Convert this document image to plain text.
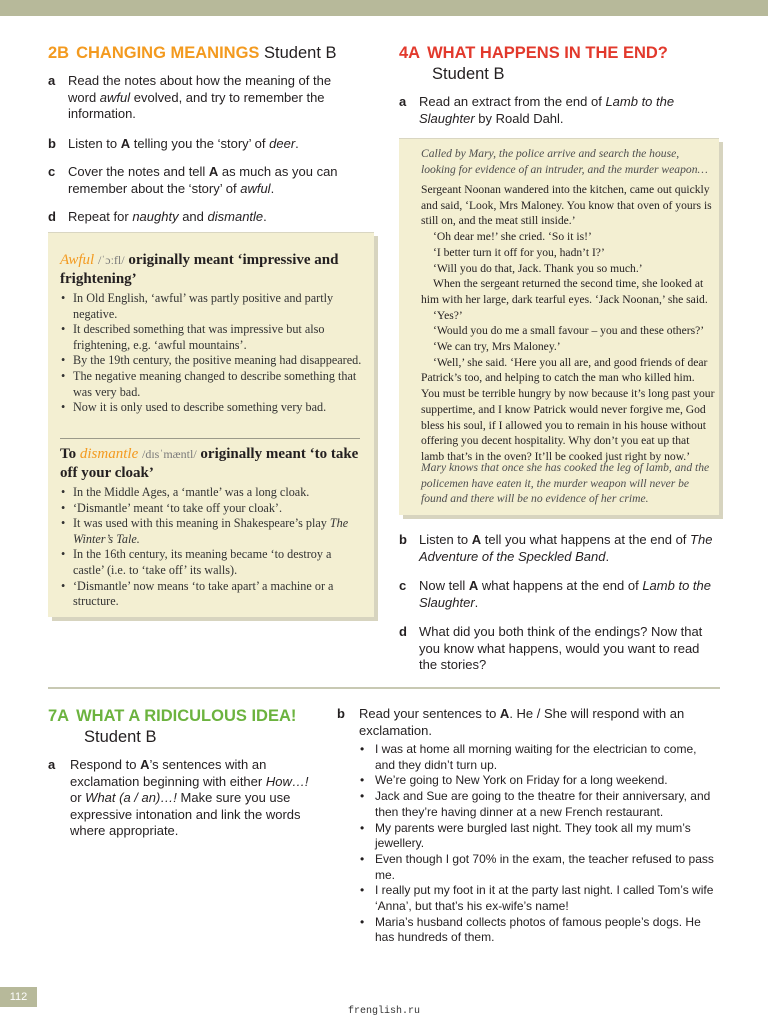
2B CHANGING MEANINGS Student B
a Read the notes about how the meaning of the word awful evolved, and try to remember the information.
b Listen to A telling you the ‘story’ of deer.
c Cover the notes and tell A as much as you can remember about the ‘story’ of awful.
d Repeat for naughty and dismantle.
Awful /ˈɔːfl/ originally meant ‘impressive and frightening’
• In Old English, ‘awful’ was partly positive and partly negative.
• It described something that was impressive but also frightening, e.g. ‘awful mountains’.
• By the 19th century, the positive meaning had disappeared.
• The negative meaning changed to describe something that was very bad.
• Now it is only used to describe something very bad.
To dismantle /dɪsˈmæntl/ originally meant ‘to take off your cloak’
• In the Middle Ages, a ‘mantle’ was a long cloak.
• ‘Dismantle’ meant ‘to take off your cloak’.
• It was used with this meaning in Shakespeare’s play The Winter’s Tale.
• In the 16th century, its meaning became ‘to destroy a castle’ (i.e. to ‘take off’ its walls).
• ‘Dismantle’ now means ‘to take apart’ a machine or a structure.
4A WHAT HAPPENS IN THE END?
Student B
a Read an extract from the end of Lamb to the Slaughter by Roald Dahl.
Called by Mary, the police arrive and search the house, looking for evidence of an intruder, and the murder weapon…

Sergeant Noonan wandered into the kitchen, came out quickly and said, ‘Look, Mrs Maloney. You know that oven of yours is still on, and the meat still inside.’

‘Oh dear me!’ she cried. ‘So it is!’

‘I better turn it off for you, hadn’t I?’

‘Will you do that, Jack. Thank you so much.’

When the sergeant returned the second time, she looked at him with her large, dark tearful eyes. ‘Jack Noonan,’ she said.

‘Yes?’

‘Would you do me a small favour – you and these others?’

‘We can try, Mrs Maloney.’

‘Well,’ she said. ‘Here you all are, and good friends of dear Patrick’s too, and helping to catch the man who killed him. You must be terrible hungry by now because it’s long past your suppertime, and I know Patrick would never forgive me, God bless his soul, if I allowed you to remain in his house without offering you decent hospitality. Why don’t you eat up that lamb that’s in the oven? It’ll be cooked just right by now.’

Mary knows that once she has cooked the leg of lamb, and the policemen have eaten it, the murder weapon will never be found and there will be no evidence of her crime.
b Listen to A tell you what happens at the end of The Adventure of the Speckled Band.
c Now tell A what happens at the end of Lamb to the Slaughter.
d What did you both think of the endings? Now that you know what happens, would you want to read the stories?
7A WHAT A RIDICULOUS IDEA!
Student B
a	Respond to A’s sentences with an exclamation beginning with either How…! or What (a / an)…! Make sure you use expressive intonation and link the words where appropriate.
b	Read your sentences to A. He / She will respond with an exclamation.
• I was at home all morning waiting for the electrician to come, and they didn’t turn up.
• We’re going to New York on Friday for a long weekend.
• Jack and Sue are going to the theatre for their anniversary, and then they’re having dinner at a new French restaurant.
• My parents were burgled last night. They took all my mum’s jewellery.
• Even though I got 70% in the exam, the teacher refused to pass me.
• I really put my foot in it at the party last night. I called Tom’s wife ‘Anna’, but that’s his ex-wife’s name!
• Maria’s husband collects photos of famous people’s dogs. He has hundreds of them.
112
frenglish.ru
